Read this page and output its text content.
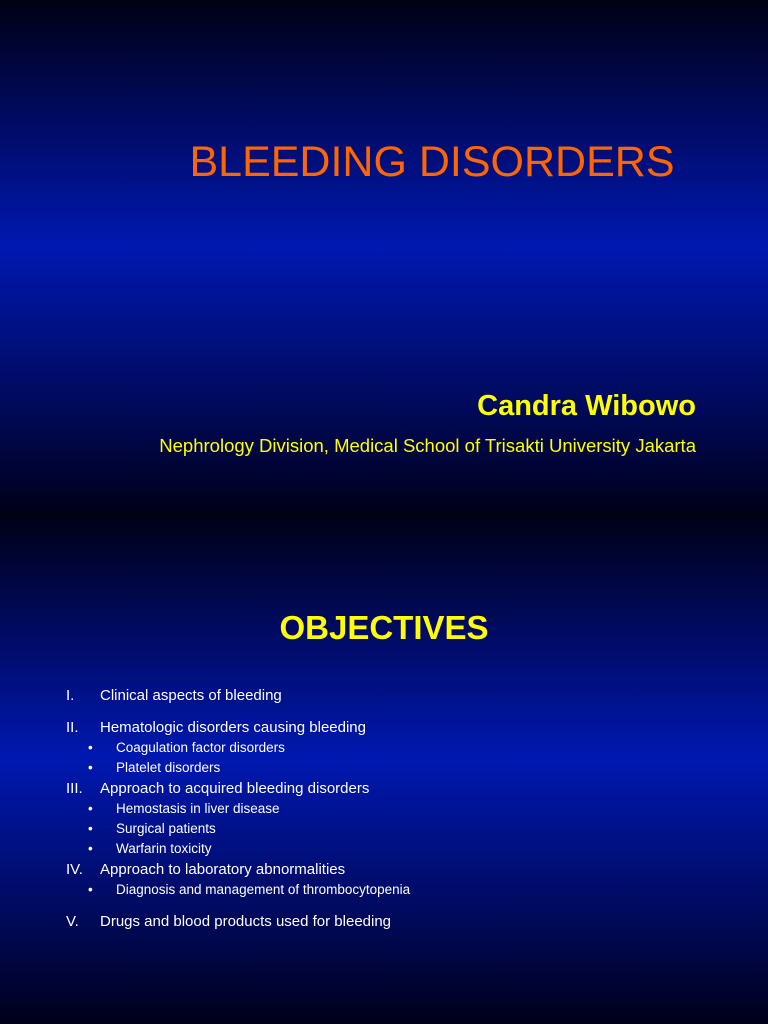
BLEEDING DISORDERS

Candra Wibowo

Nephrology Division, Medical School of Trisakti University Jakarta

OBJECTIVES
I.	Clinical aspects of bleeding
II.	Hematologic disorders causing bleeding
• Coagulation factor disorders
• Platelet disorders
III.	Approach to acquired bleeding disorders
• Hemostasis in liver disease
• Surgical patients
• Warfarin toxicity
IV.	Approach to laboratory abnormalities
• Diagnosis and management of thrombocytopenia
V.	Drugs and blood products used for bleeding
